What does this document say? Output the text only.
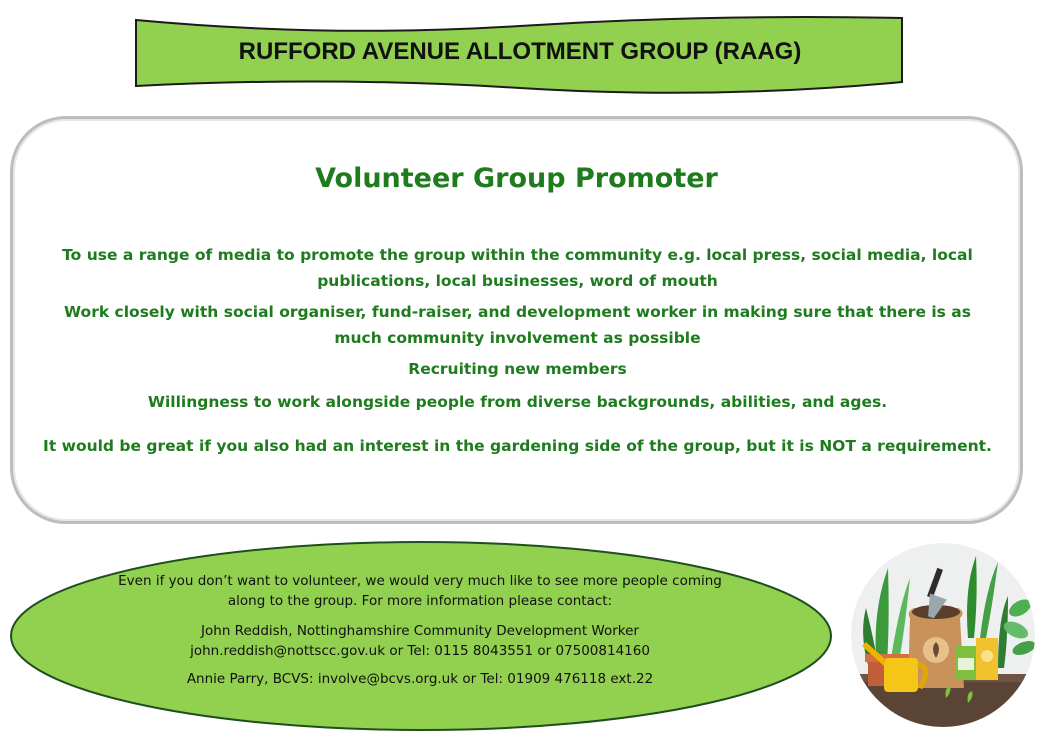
RUFFORD AVENUE ALLOTMENT GROUP (RAAG)
Volunteer Group Promoter
To use a range of media to promote the group within the community e.g. local press, social media, local publications, local businesses, word of mouth
Work closely with social organiser, fund-raiser, and development worker in making sure that there is as much community involvement as possible
Recruiting new members
Willingness to work alongside people from diverse backgrounds, abilities, and ages.
It would be great if you also had an interest in the gardening side of the group, but it is NOT a requirement.
Even if you don’t want to volunteer, we would very much like to see more people coming along to the group. For more information please contact:
John Reddish, Nottinghamshire Community Development Worker
john.reddish@nottscc.gov.uk or Tel: 0115 8043551 or 07500814160
Annie Parry, BCVS: involve@bcvs.org.uk or Tel: 01909 476118 ext.22
